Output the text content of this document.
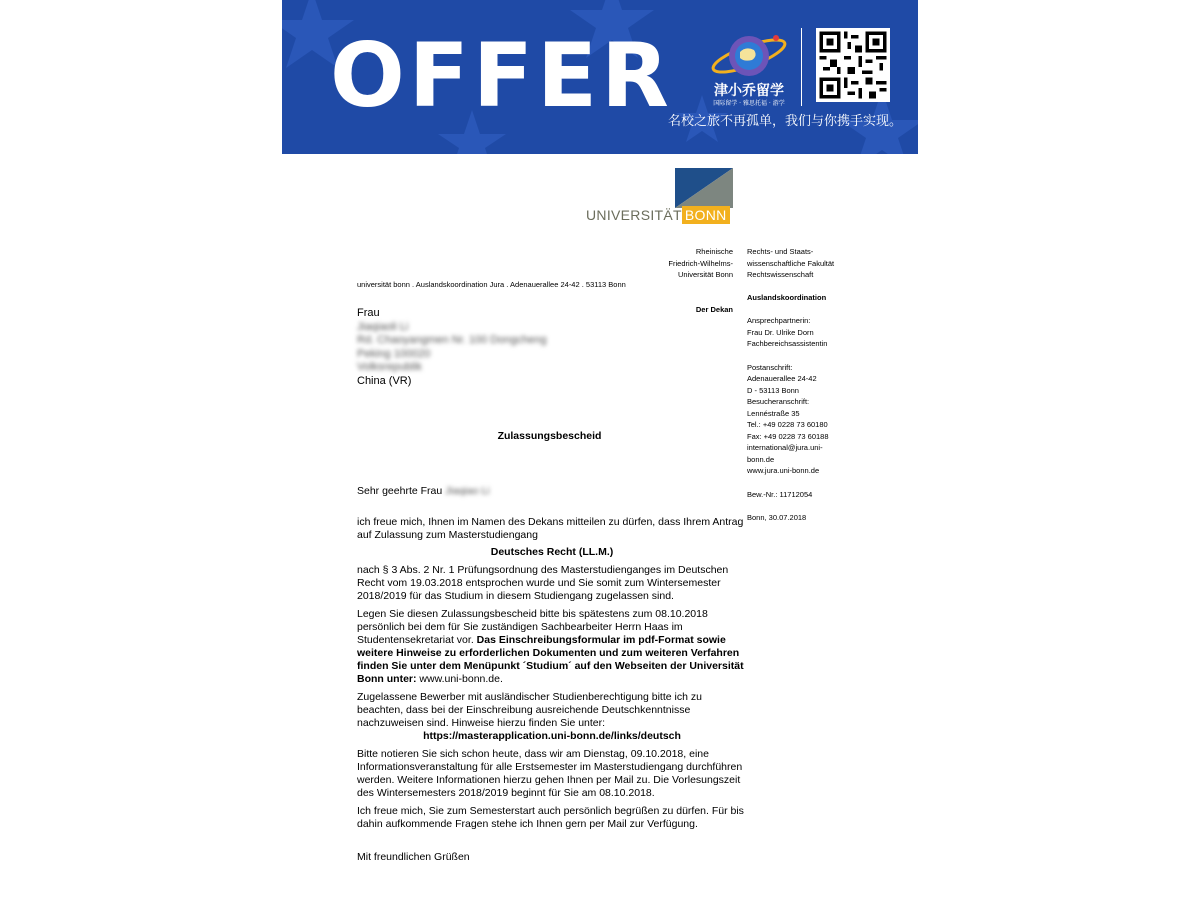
OFFER	津小乔留学
国际留学 · 雅思托福 · 游学
名校之旅不再孤单，我们与你携手实现。
UNIVERSITÄT BONN
Rheinische
Friedrich-Wilhelms-
Universität Bonn
Der Dekan
Rechts- und Staats-
wissenschaftliche Fakultät
Rechtswissenschaft
Auslandskoordination
Ansprechpartnerin:
Frau Dr. Ulrike Dorn
Fachbereichsassistentin
Postanschrift:
Adenauerallee 24-42
D - 53113 Bonn
Besucheranschrift:
Lennéstraße 35
Tel.: +49 0228 73 60180
Fax: +49 0228 73 60188
international@jura.uni-
bonn.de
www.jura.uni-bonn.de
Bew.-Nr.: 11712054
Bonn, 30.07.2018
universität bonn . Auslandskoordination Jura . Adenauerallee 24-42 . 53113 Bonn
Frau
Jiaqiaoli Li
Rd. Chaoyangmen Nr. 100 Dongcheng
Peking 100020
Volksrepublik
China (VR)
Zulassungsbescheid
Sehr geehrte Frau Jiaqiao Li

ich freue mich, Ihnen im Namen des Dekans mitteilen zu dürfen, dass Ihrem Antrag auf Zulassung zum Masterstudiengang

Deutsches Recht (LL.M.)

nach § 3 Abs. 2 Nr. 1 Prüfungsordnung des Masterstudienganges im Deutschen Recht vom 19.03.2018 entsprochen wurde und Sie somit zum Wintersemester 2018/2019 für das Studium in diesem Studiengang zugelassen sind.

Legen Sie diesen Zulassungsbescheid bitte bis spätestens zum 08.10.2018 persönlich bei dem für Sie zuständigen Sachbearbeiter Herrn Haas im Studentensekretariat vor. Das Einschreibungsformular im pdf-Format sowie weitere Hinweise zu erforderlichen Dokumenten und zum weiteren Verfahren finden Sie unter dem Menüpunkt ´Studium´ auf den Webseiten der Universität Bonn unter: www.uni-bonn.de.

Zugelassene Bewerber mit ausländischer Studienberechtigung bitte ich zu beachten, dass bei der Einschreibung ausreichende Deutschkenntnisse nachzuweisen sind. Hinweise hierzu finden Sie unter:

https://masterapplication.uni-bonn.de/links/deutsch

Bitte notieren Sie sich schon heute, dass wir am Dienstag, 09.10.2018, eine Informationsveranstaltung für alle Erstsemester im Masterstudiengang durchführen werden. Weitere Informationen hierzu gehen Ihnen per Mail zu. Die Vorlesungszeit des Wintersemesters 2018/2019 beginnt für Sie am 08.10.2018.

Ich freue mich, Sie zum Semesterstart auch persönlich begrüßen zu dürfen. Für bis dahin aufkommende Fragen stehe ich Ihnen gern per Mail zur Verfügung.

Mit freundlichen Grüßen
